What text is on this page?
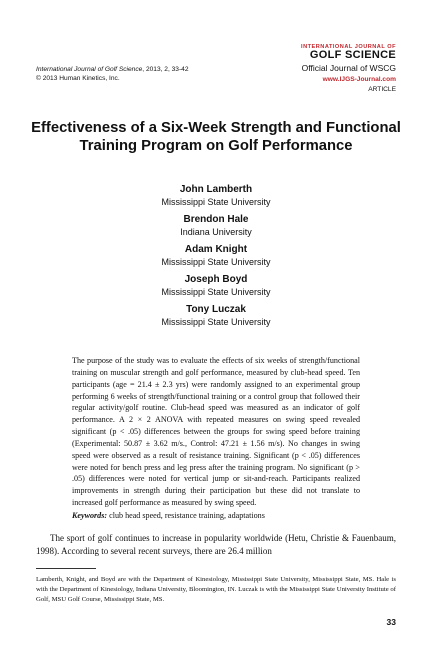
International Journal of Golf Science, 2013, 2, 33-42
© 2013 Human Kinetics, Inc.
INTERNATIONAL JOURNAL OF
GOLF SCIENCE
Official Journal of WSCG
www.IJGS-Journal.com
ARTICLE
Effectiveness of a Six-Week Strength and Functional Training Program on Golf Performance
John Lamberth
Mississippi State University
Brendon Hale
Indiana University
Adam Knight
Mississippi State University
Joseph Boyd
Mississippi State University
Tony Luczak
Mississippi State University
The purpose of the study was to evaluate the effects of six weeks of strength/functional training on muscular strength and golf performance, measured by club-head speed. Ten participants (age = 21.4 ± 2.3 yrs) were randomly assigned to an experimental group performing 6 weeks of strength/functional training or a control group that followed their regular activity/golf routine. Club-head speed was measured as an indicator of golf performance. A 2 × 2 ANOVA with repeated measures on swing speed revealed significant (p < .05) differences between the groups for swing speed before training (Experimental: 50.87 ± 3.62 m/s., Control: 47.21 ± 1.56 m/s). No changes in swing speed were observed as a result of resistance training. Significant (p < .05) differences were noted for bench press and leg press after the training program. No significant (p > .05) differences were noted for vertical jump or sit-and-reach. Participants realized improvements in strength during their participation but these did not translate to increased golf performance as measured by swing speed.
Keywords: club head speed, resistance training, adaptations
The sport of golf continues to increase in popularity worldwide (Hetu, Christie & Fauenbaum, 1998). According to several recent surveys, there are 26.4 million
Lamberth, Knight, and Boyd are with the Department of Kinesiology, Mississippi State University, Mississippi State, MS. Hale is with the Department of Kinesiology, Indiana University, Bloomington, IN. Luczak is with the Mississippi State University Institute of Golf, MSU Golf Course, Mississippi State, MS.
33
